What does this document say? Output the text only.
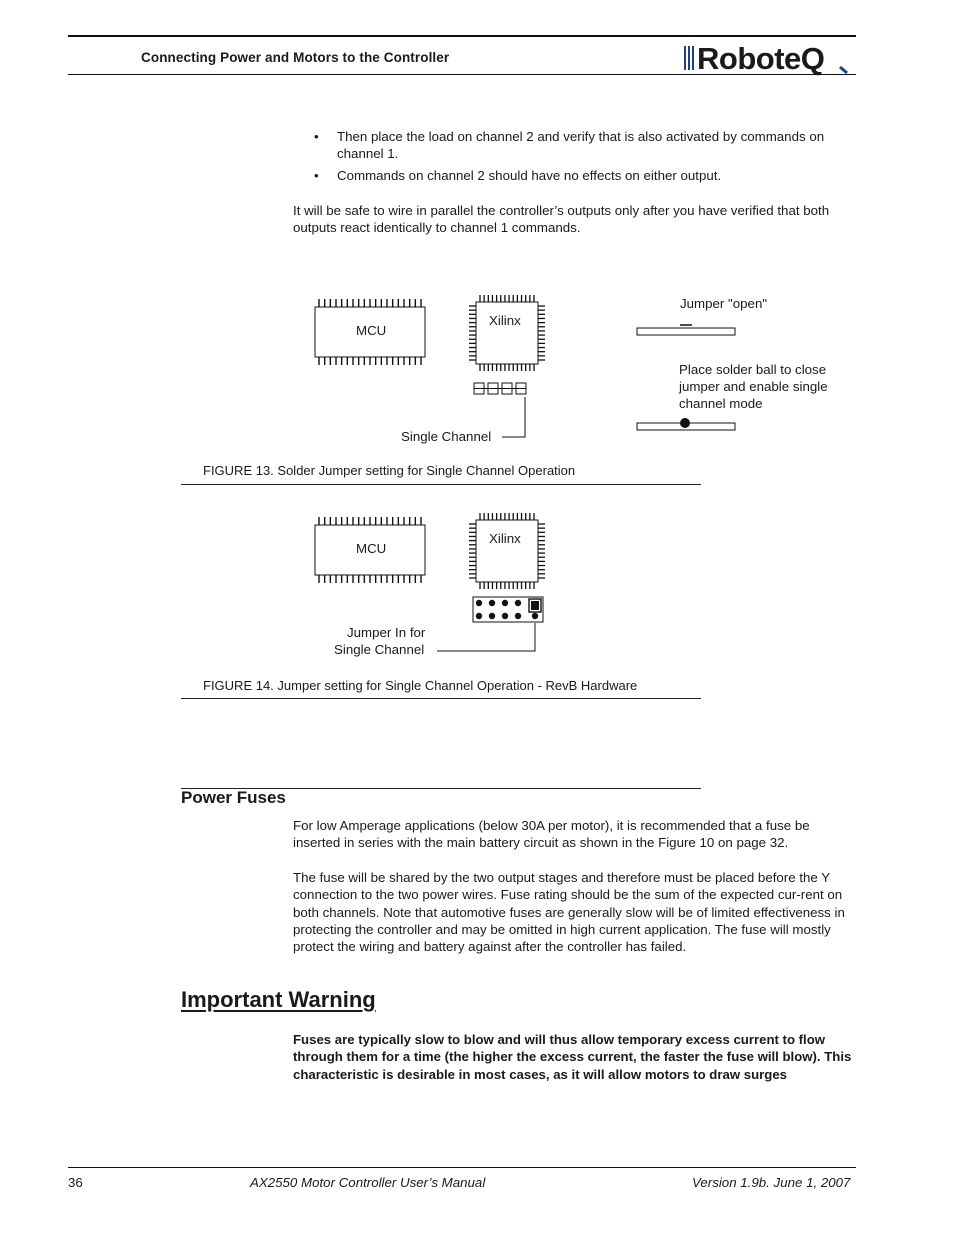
Connecting Power and Motors to the Controller	RoboteQ
• Then place the load on channel 2 and verify that is also activated by commands on channel 1.
• Commands on channel 2 should have no effects on either output.
It will be safe to wire in parallel the controller’s outputs only after you have verified that both outputs react identically to channel 1 commands.
MCU
Xilinx
Single Channel
Jumper "open"
Place solder ball to close
jumper and enable single
channel mode
FIGURE 13. Solder Jumper setting for Single Channel Operation
MCU
Xilinx
Jumper In for
Single Channel
FIGURE 14. Jumper setting for Single Channel Operation - RevB Hardware
Power Fuses
For low Amperage applications (below 30A per motor), it is recommended that a fuse be inserted in series with the main battery circuit as shown in the Figure 10 on page 32.
The fuse will be shared by the two output stages and therefore must be placed before the Y connection to the two power wires. Fuse rating should be the sum of the expected cur-rent on both channels. Note that automotive fuses are generally slow will be of limited effectiveness in protecting the controller and may be omitted in high current application. The fuse will mostly protect the wiring and battery against after the controller has failed.
Important Warning
Fuses are typically slow to blow and will thus allow temporary excess current to flow through them for a time (the higher the excess current, the faster the fuse will blow). This characteristic is desirable in most cases, as it will allow motors to draw surges
36	AX2550 Motor Controller User’s Manual	Version 1.9b. June 1, 2007
